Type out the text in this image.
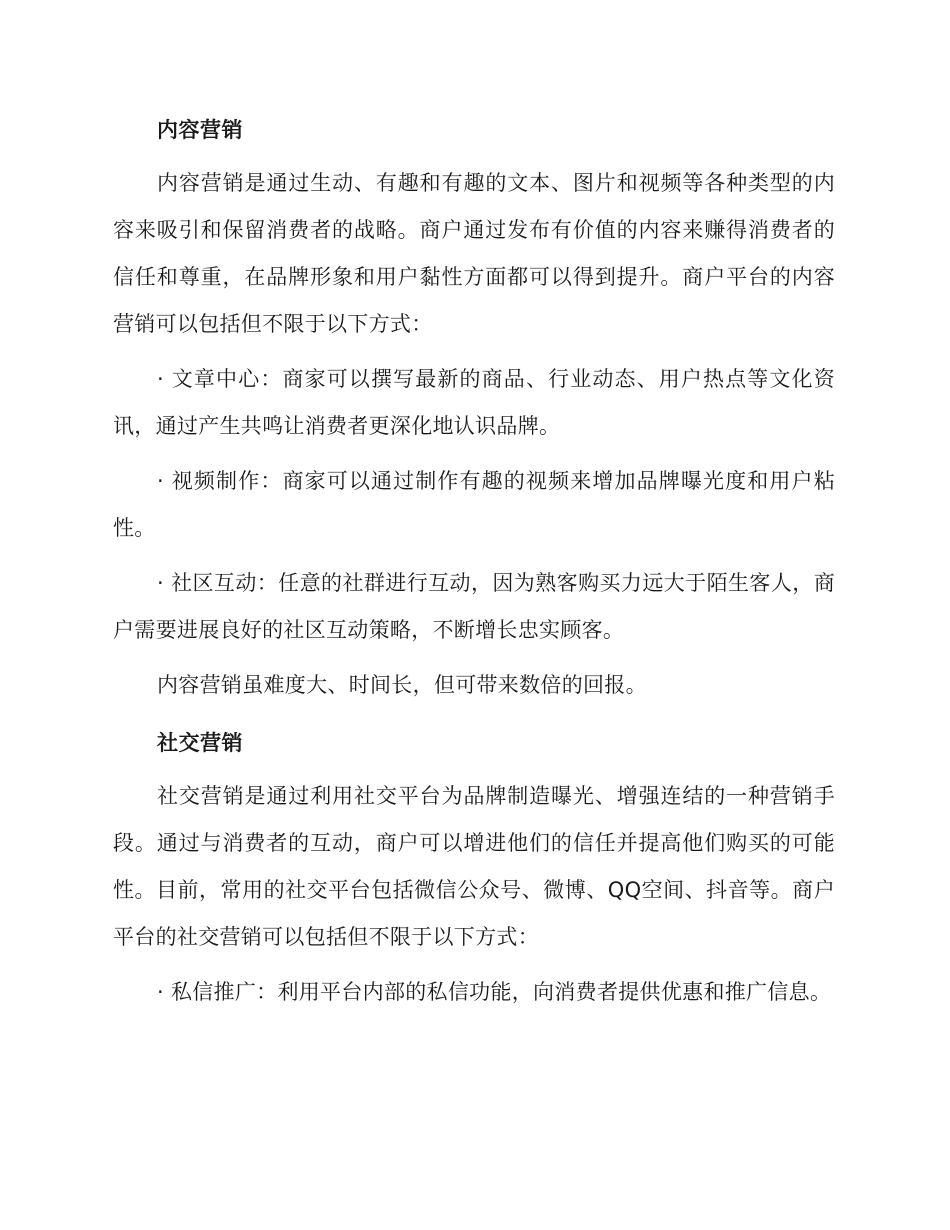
内容营销

内容营销是通过生动、有趣和有趣的文本、图片和视频等各种类型的内容来吸引和保留消费者的战略。商户通过发布有价值的内容来赚得消费者的信任和尊重，在品牌形象和用户黏性方面都可以得到提升。商户平台的内容营销可以包括但不限于以下方式：

· 文章中心：商家可以撰写最新的商品、行业动态、用户热点等文化资讯，通过产生共鸣让消费者更深化地认识品牌。

· 视频制作：商家可以通过制作有趣的视频来增加品牌曝光度和用户粘性。

· 社区互动：任意的社群进行互动，因为熟客购买力远大于陌生客人，商户需要进展良好的社区互动策略，不断增长忠实顾客。

内容营销虽难度大、时间长，但可带来数倍的回报。

社交营销

社交营销是通过利用社交平台为品牌制造曝光、增强连结的一种营销手段。通过与消费者的互动，商户可以增进他们的信任并提高他们购买的可能性。目前，常用的社交平台包括微信公众号、微博、QQ空间、抖音等。商户平台的社交营销可以包括但不限于以下方式：

· 私信推广：利用平台内部的私信功能，向消费者提供优惠和推广信息。
